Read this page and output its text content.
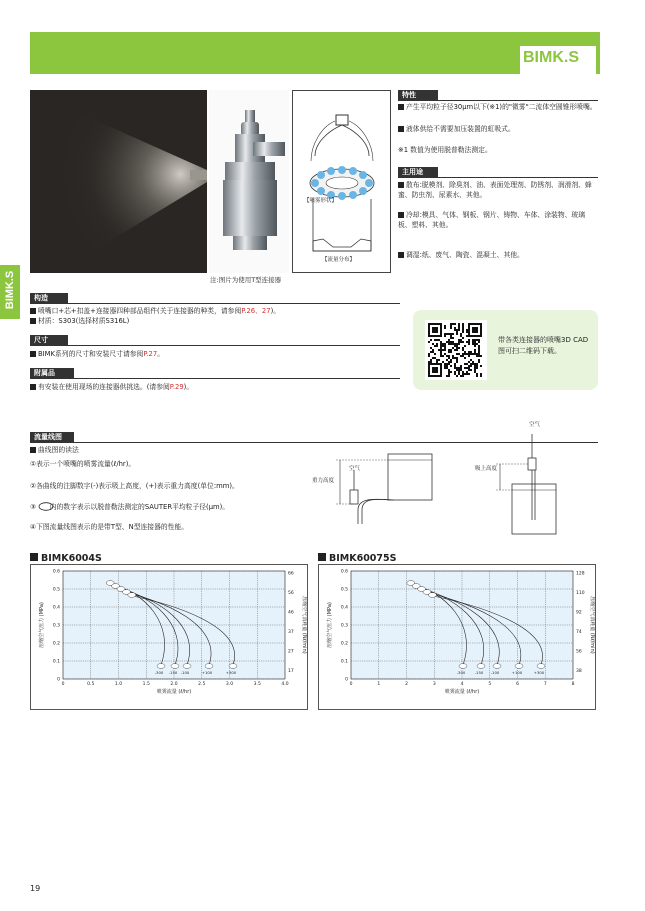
微雾喷嘴/小喷量空圆锥形 -虹吸式-
BIMK.S
BIMK.S
【喷雾形状】
【流量分布】
注:图片为使用T型连接器
特性
产生平均粒子径30μm以下(※1)的"微雾"二流体空圆锥形喷嘴。
液体供给不需要加压装置的虹吸式。
※1 数值为使用脱普勒法测定。
主用途
散布:脱模剂、除臭剂、油、表面处理剂、防锈剂、润滑剂、蜂蜜、防虫剂、尿素水、其他。
冷却:模具、气体、钢板、钢片、铸物、车体、涂装物、玻璃板、塑料、其他。
调湿:纸、废气、陶瓷、混凝土、其他。
构造
喷嘴口+芯+扣盖+连接器四种部品组件(关于连接器的种类，请参阅P.26、27)。
材质：S303(选择材质S316L)
尺寸
BIMK系列的尺寸和安装尺寸请参阅P.27。
附属品
有安装在使用现场的连接器供挑选。(请参阅P.29)。
带各类连接器的喷嘴3D CAD图可扫二维码下载。
流量线图
曲线图的读法
①表示一个喷嘴的喷雾流量(ℓ/hr)。
②各曲线的注脚数字(-)表示吸上高度，(+)表示重力高度(单位:mm)。
③　　内的数字表示以脱普勒法测定的SAUTER平均粒子径(μm)。
④下图流量线图表示的是带T型、N型连接器的性能。
重力高度
空气	吸上高度
空气
BIMK6004S
0	0.5	1.0	1.5	2.0	2.5	3.0	3.5	4.0
0
0.1
0.2
0.3
0.4
0.5
0.6
17
27
37
46
56
66
喷雾流量 (ℓ/hr)
压缩空气压力 (MPa)	压缩空气消耗量 (Nℓ/min)
-300 -150 -100	+100	+300
BIMK60075S
0	1	2	3	4	5	6	7	8
0
0.1
0.2
0.3
0.4
0.5
0.6
38
56
74
92
110
128
喷雾流量 (ℓ/hr)
压缩空气压力 (MPa)	压缩空气消耗量 (Nℓ/min)
-300 -150 -100	+100	+300
19
